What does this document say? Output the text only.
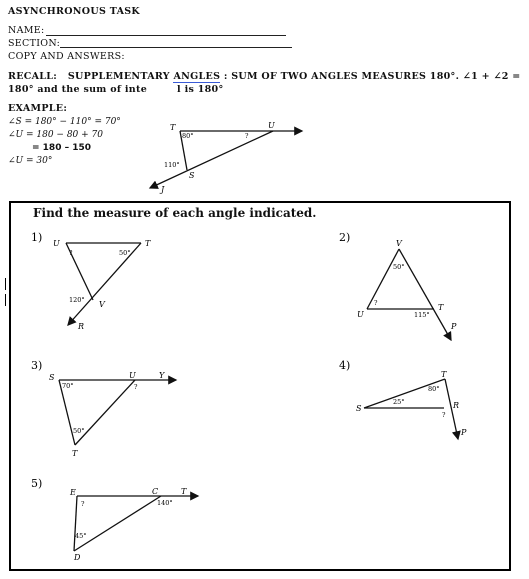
ASYNCHRONOUS TASK
NAME:
SECTION:
COPY AND ANSWERS:
RECALL: SUPPLEMENTARY ANGLES : SUM OF TWO ANGLES MEASURES 180°. ∠1 + ∠2 =
180° and the sum of inte	l is 180°
EXAMPLE:
∠S = 180° − 110° = 70°
∠U = 180 − 80 + 70
= 180 – 150
∠U = 30°
T	U
S
J
80°	?
110°
Find the measure of each angle indicated.
1) U	T
V
R
?	50°
120°
2)	V
U
T
P
50°
?
115°
3)
S	U	Y
T
70°	?
50°
4)
S
T
R
P
25°
80°
?
5)
E	C	T
D
?	140°
45°
